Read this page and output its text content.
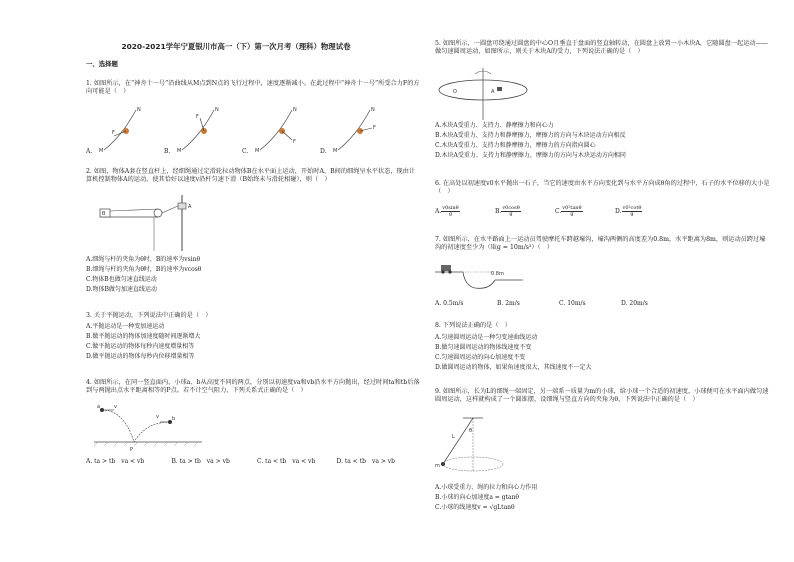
2020-2021学年宁夏银川市高一（下）第一次月考（理科）物理试卷
一、选择题
1. 如图所示，在“神舟十一号”沿曲线从M点到N点的飞行过程中，速度逐渐减小。在此过程中“神舟十一号”所受合力F的方向可能是（　）
N
M
F
N
M
F
N
M
F
N
M
F
A.	B.	C.	D.
2. 如图，物体A套在竖直杆上，经细绳通过定滑轮拉动物体B在水平面上运动，开始时A、B间的细绳呈水平状态，现由计算机控制物体A的运动，使其恰好以速度v沿杆匀速下滑（B始终未与滑轮相碰），则（　）
B
A
A.细绳与杆的夹角为θ时，B的速率为vsinθ
B.细绳与杆的夹角为θ时，B的速率为vcosθ
C.物体B也做匀速直线运动
D.物体B做匀加速直线运动
3. 关于平抛运动，下列说法中正确的是（　）
A.平抛运动是一种变加速运动
B.做平抛运动的物体加速度随时间逐渐增大
C.做平抛运动的物体每秒内速度增量相等
D.做平抛运动的物体每秒内位移增量相等
4. 如图所示，在同一竖直面内，小球a、b从高度不同的两点，分别以初速度va和vb沿水平方向抛出，经过时间ta和tb后落到与两抛出点水平距离相等的P点。若不计空气阻力，下列关系式正确的是（　）
a	v
b
v
P
A. ta > tb　va < vb	B. ta > tb　va > vb	C. ta < tb　va < vb	D. ta < tb　va > vb
5. 如图所示，一圆盘可绕通过圆盘的中心O且垂直于盘面的竖直轴转动，在圆盘上放置一小木块A，它随圆盘一起运动——做匀速圆周运动，如图所示，则关于木块A的受力，下列说法正确的是（　）
O	A
A.木块A受重力、支持力、静摩擦力和向心力
B.木块A受重力、支持力和静摩擦力，摩擦力的方向与木块运动方向相反
C.木块A受重力、支持力和静摩擦力，摩擦力的方向指向圆心
D.木块A受重力、支持力和静摩擦力，摩擦力的方向与木块运动方向相同
6. 在高处以初速度v0水平抛出一石子，当它的速度由水平方向变化到与水平方向成θ角的过程中，石子的水平位移的大小是（　）
A. $\frac{v0\sin\theta}{g}$	B. $\frac{v0\cos\theta}{g}$	C. $\frac{\text{v0²tanθ}}{g}$	D. $\frac{\text{v0²cotθ}}{g}$
7. 如图所示，在水平路面上一运动员驾驶摩托车跨越壕沟，壕沟两侧的高度差为0.8m，水平距离为8m，则运动员跨过壕沟的初速度至少为（取g = 10m/s²）（　）
0.8m
A. 0.5m/s	B. 2m/s	C. 10m/s	D. 20m/s
8. 下列说法正确的是（　）
A.匀速圆周运动是一种匀变速曲线运动
B.做匀速圆周运动的物体线速度不变
C.匀速圆周运动的向心加速度不变
D.做圆周运动的物体，如果角速度很大，其线速度不一定大
9. 如图所示，长为L的细绳一端固定，另一端系一质量为m的小球，给小球一个合适的初速度，小球便可在水平面内做匀速圆周运动，这样就构成了一个圆锥摆，设细绳与竖直方向的夹角为θ，下列说法中正确的是（　）
L
θ
m
A.小球受重力、绳的拉力和向心力作用
B.小球的向心加速度a = gtanθ
C.小球的线速度v = √gLtanθ
